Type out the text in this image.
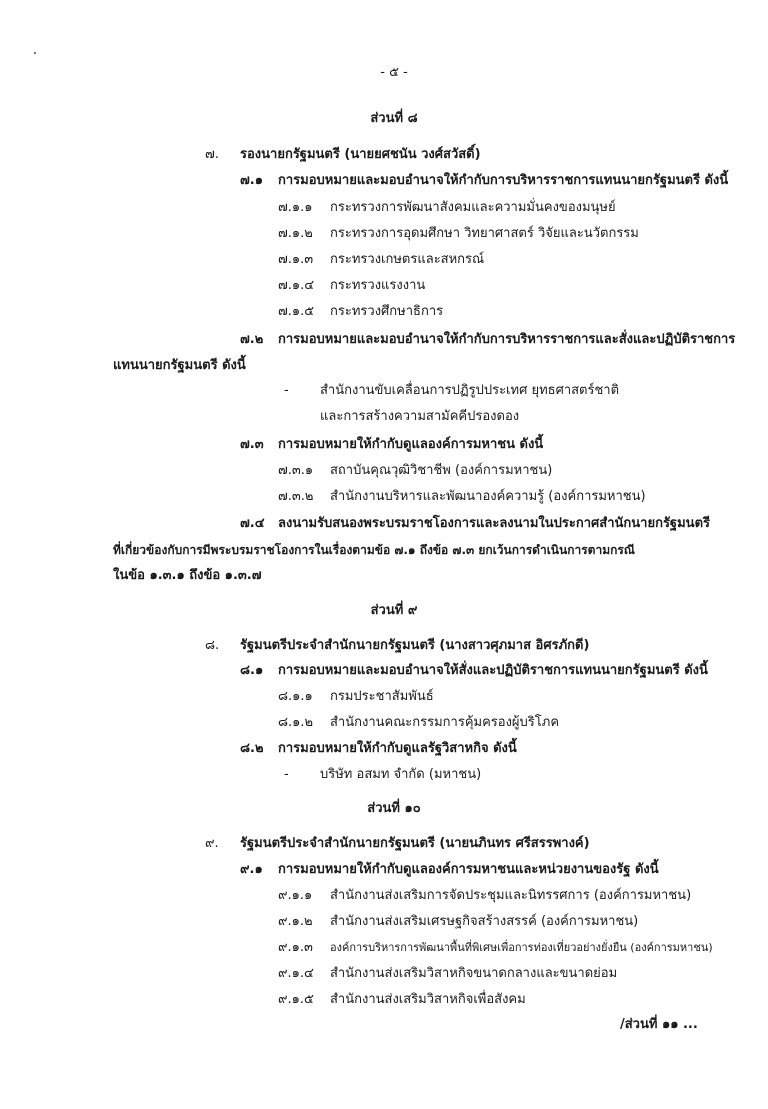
- ๕ -
ส่วนที่ ๘
๗. รองนายกรัฐมนตรี (นายยศชนัน วงศ์สวัสดิ์)
๗.๑ การมอบหมายและมอบอำนาจให้กำกับการบริหารราชการแทนนายกรัฐมนตรี ดังนี้
๗.๑.๑ กระทรวงการพัฒนาสังคมและความมั่นคงของมนุษย์
๗.๑.๒ กระทรวงการอุดมศึกษา วิทยาศาสตร์ วิจัยและนวัตกรรม
๗.๑.๓ กระทรวงเกษตรและสหกรณ์
๗.๑.๔ กระทรวงแรงงาน
๗.๑.๕ กระทรวงศึกษาธิการ
๗.๒ การมอบหมายและมอบอำนาจให้กำกับการบริหารราชการและสั่งและปฏิบัติราชการ
แทนนายกรัฐมนตรี ดังนี้
- สำนักงานขับเคลื่อนการปฏิรูปประเทศ ยุทธศาสตร์ชาติ
และการสร้างความสามัคคีปรองดอง
๗.๓ การมอบหมายให้กำกับดูแลองค์การมหาชน ดังนี้
๗.๓.๑ สถาบันคุณวุฒิวิชาชีพ (องค์การมหาชน)
๗.๓.๒ สำนักงานบริหารและพัฒนาองค์ความรู้ (องค์การมหาชน)
๗.๔ ลงนามรับสนองพระบรมราชโองการและลงนามในประกาศสำนักนายกรัฐมนตรี
ที่เกี่ยวข้องกับการมีพระบรมราชโองการในเรื่องตามข้อ ๗.๑ ถึงข้อ ๗.๓ ยกเว้นการดำเนินการตามกรณี
ในข้อ ๑.๓.๑ ถึงข้อ ๑.๓.๗
ส่วนที่ ๙
๘. รัฐมนตรีประจำสำนักนายกรัฐมนตรี (นางสาวศุภมาส อิศรภักดี)
๘.๑ การมอบหมายและมอบอำนาจให้สั่งและปฏิบัติราชการแทนนายกรัฐมนตรี ดังนี้
๘.๑.๑ กรมประชาสัมพันธ์
๘.๑.๒ สำนักงานคณะกรรมการคุ้มครองผู้บริโภค
๘.๒ การมอบหมายให้กำกับดูแลรัฐวิสาหกิจ ดังนี้
- บริษัท อสมท จำกัด (มหาชน)
ส่วนที่ ๑๐
๙. รัฐมนตรีประจำสำนักนายกรัฐมนตรี (นายนภินทร ศรีสรรพางค์)
๙.๑ การมอบหมายให้กำกับดูแลองค์การมหาชนและหน่วยงานของรัฐ ดังนี้
๙.๑.๑ สำนักงานส่งเสริมการจัดประชุมและนิทรรศการ (องค์การมหาชน)
๙.๑.๒ สำนักงานส่งเสริมเศรษฐกิจสร้างสรรค์ (องค์การมหาชน)
๙.๑.๓ องค์การบริหารการพัฒนาพื้นที่พิเศษเพื่อการท่องเที่ยวอย่างยั่งยืน (องค์การมหาชน)
๙.๑.๔ สำนักงานส่งเสริมวิสาหกิจขนาดกลางและขนาดย่อม
๙.๑.๕ สำนักงานส่งเสริมวิสาหกิจเพื่อสังคม
/ส่วนที่ ๑๑ ...
